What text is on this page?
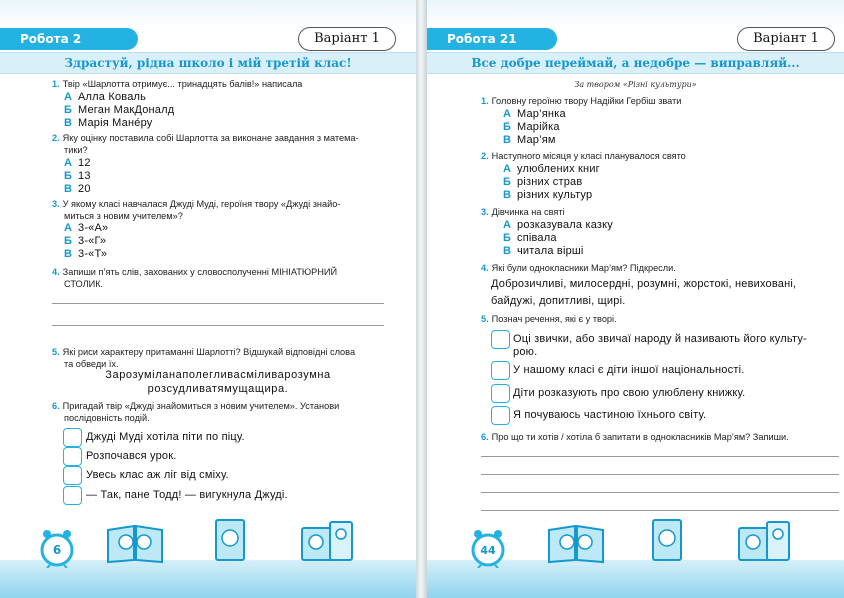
Робота 2	Варіант 1
Здрастуй, рідна школо і мій третій клас!
1. Твір «Шарлотта отримує... тринадцять балів!» написала
А Алла Коваль
Б Меган МакДоналд
В Марія Мане́ру
2. Яку оцінку поставила собі Шарлотта за виконане завдання з матема-
тики?
А 12
Б 13
В 20
3. У якому класі навчалася Джуді Муді, героїня твору «Джуді знайо-
миться з новим учителем»?
А 3-«А»
Б 3-«Г»
В 3-«Т»
4. Запиши п’ять слів, захованих у словосполученні МІНІАТЮРНИЙ
СТОЛИК.
5. Які риси характеру притаманні Шарлотті? Відшукай відповідні слова
та обведи їх.
Зарозуміланаполегливасміливарозумна
розсудливатямущащира.
6. Пригадай твір «Джуді знайомиться з новим учителем». Установи
послідовність подій.
Джуді Муді хотіла піти по піцу.
Розпочався урок.
Увесь клас аж ліг від сміху.
— Так, пане Тодд! — вигукнула Джуді.
6
Робота 21	Варіант 1
Все добре переймай, а недобре — виправляй...
За твором «Різні культури»
1. Головну героїню твору Надійки Гербіш звати
А Мар’янка
Б Марійка
В Мар’ям
2. Наступного місяця у класі планувалося свято
А улюблених книг
Б різних страв
В різних культур
3. Дівчинка на святі
А розказувала казку
Б співала
В читала вірші
4. Які були однокласники Мар’ям? Підкресли.
Доброзичливі, милосердні, розумні, жорстокі, невиховані,
байдужі, допитливі, щирі.
5. Познач речення, які є у творі.
Оці звички, або звичаї народу й називають його культу-
рою.
У нашому класі є діти іншої національності.
Діти розказують про свою улюблену книжку.
Я почуваюсь частиною їхнього світу.
6. Про що ти хотів / хотіла б запитати в однокласників Мар’ям? Запиши.
44
